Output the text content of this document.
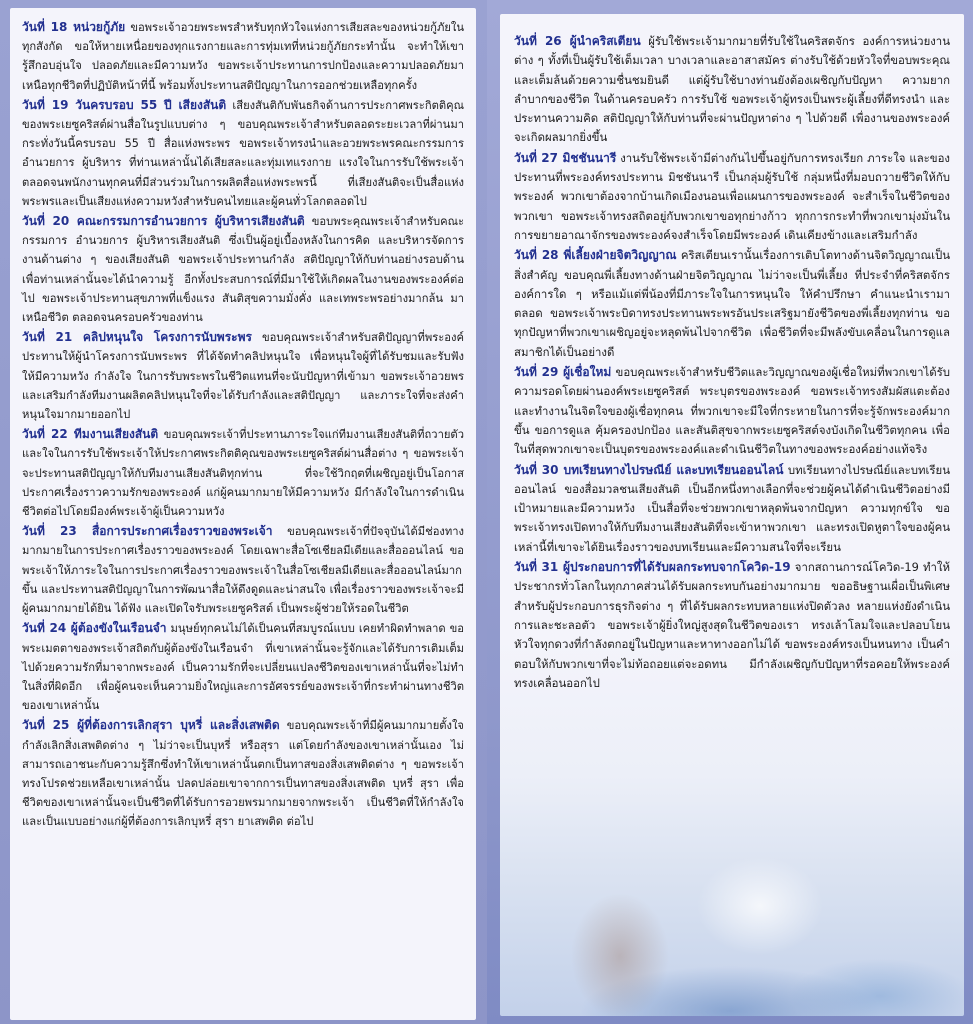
วันที่ 18 หน่วยกู้ภัย ขอพระเจ้าอวยพระพรสำหรับทุกหัวใจแห่งการเสียสละของหน่วยกู้ภัยในทุกสังกัด ขอให้หายเหนื่อยของทุกแรงกายและการทุ่มเทที่หน่วยกู้ภัยกระทำนั้น จะทำให้เขารู้สึกอบอุ่นใจ ปลอดภัยและมีความหวัง ขอพระเจ้าประทานการปกป้องและความปลอดภัยมาเหนือทุกชีวิตที่ปฏิบัติหน้าที่นี้ พร้อมทั้งประทานสติปัญญาในการออกช่วยเหลือทุกครั้ง

วันที่ 19 วันครบรอบ 55 ปี เสียงสันติ เสียงสันติกับพันธกิจด้านการประกาศพระกิตติคุณของพระเยซูคริสต์ผ่านสื่อในรูปแบบต่าง ๆ ขอบคุณพระเจ้าสำหรับตลอดระยะเวลาที่ผ่านมา กระทั่งวันนี้ครบรอบ 55 ปี สื่อแห่งพระพร ขอพระเจ้าทรงนำและอวยพระพรคณะกรรมการอำนวยการ ผู้บริหาร ที่ท่านเหล่านั้นได้เสียสละและทุ่มเทแรงกาย แรงใจในการรับใช้พระเจ้า ตลอดจนพนักงานทุกคนที่มีส่วนร่วมในการผลิตสื่อแห่งพระพรนี้ ที่เสียงสันติจะเป็นสื่อแห่งพระพรและเป็นเสียงแห่งความหวังสำหรับคนไทยและผู้คนทั่วโลกตลอดไป

วันที่ 20 คณะกรรมการอำนวยการ ผู้บริหารเสียงสันติ ขอบพระคุณพระเจ้าสำหรับคณะกรรมการ อำนวยการ ผู้บริหารเสียงสันติ ซึ่งเป็นผู้อยู่เบื้องหลังในการคิด และบริหารจัดการงานด้านต่าง ๆ ของเสียงสันติ ขอพระเจ้าประทานกำลัง สติปัญญาให้กับท่านอย่างรอบด้าน เพื่อท่านเหล่านั้นจะได้นำความรู้ อีกทั้งประสบการณ์ที่มีมาใช้ให้เกิดผลในงานของพระองค์ต่อไป ขอพระเจ้าประทานสุขภาพที่แข็งแรง สันติสุขความมั่งคั่ง และเทพระพรอย่างมากล้น มาเหนือชีวิต ตลอดจนครอบครัวของท่าน

วันที่ 21 คลิปหนุนใจ โครงการนับพระพร ขอบคุณพระเจ้าสำหรับสติปัญญาที่พระองค์ประทานให้ผู้นำโครงการนับพระพร ที่ได้จัดทำคลิปหนุนใจ เพื่อหนุนใจผู้ที่ได้รับชมและรับฟัง ให้มีความหวัง กำลังใจ ในการรับพระพรในชีวิตแทนที่จะนับปัญหาที่เข้ามา ขอพระเจ้าอวยพรและเสริมกำลังทีมงานผลิตคลิปหนุนใจที่จะได้รับกำลังและสติปัญญา และภาระใจที่จะส่งคำหนุนใจมากมายออกไป

วันที่ 22 ทีมงานเสียงสันติ ขอบคุณพระเจ้าที่ประทานภาระใจแก่ทีมงานเสียงสันติที่ถวายตัวและใจในการรับใช้พระเจ้าให้ประกาศพระกิตติคุณของพระเยซูคริสต์ผ่านสื่อต่าง ๆ ขอพระเจ้าจะประทานสติปัญญาให้กับทีมงานเสียงสันติทุกท่าน ที่จะใช้วิกฤตที่เผชิญอยู่เป็นโอกาส ประกาศเรื่องราวความรักของพระองค์ แก่ผู้คนมากมายให้มีความหวัง มีกำลังใจในการดำเนินชีวิตต่อไปโดยมีองค์พระเจ้าผู้เป็นความหวัง

วันที่ 23 สื่อการประกาศเรื่องราวของพระเจ้า ขอบคุณพระเจ้าที่ปัจจุบันได้มีช่องทางมากมายในการประกาศเรื่องราวของพระองค์ โดยเฉพาะสื่อโซเชียลมีเดียและสื่อออนไลน์ ขอพระเจ้าให้ภาระใจในการประกาศเรื่องราวของพระเจ้าในสื่อโซเชียลมีเดียและสื่อออนไลน์มากขึ้น และประทานสติปัญญาในการพัฒนาสื่อให้ดึงดูดและน่าสนใจ เพื่อเรื่องราวของพระเจ้าจะมีผู้คนมากมายได้ยิน ได้ฟัง และเปิดใจรับพระเยซูคริสต์ เป็นพระผู้ช่วยให้รอดในชีวิต

วันที่ 24 ผู้ต้องขังในเรือนจำ มนุษย์ทุกคนไม่ได้เป็นคนที่สมบูรณ์แบบ เคยทำผิดทำพลาด ขอพระเมตตาของพระเจ้าสถิตกับผู้ต้องขังในเรือนจำ ที่เขาเหล่านั้นจะรู้จักและได้รับการเติมเต็มไปด้วยความรักที่มาจากพระองค์ เป็นความรักที่จะเปลี่ยนแปลงชีวิตของเขาเหล่านั้นที่จะไม่ทำในสิ่งที่ผิดอีก เพื่อผู้คนจะเห็นความยิ่งใหญ่และการอัศจรรย์ของพระเจ้าที่กระทำผ่านทางชีวิตของเขาเหล่านั้น

วันที่ 25 ผู้ที่ต้องการเลิกสุรา บุหรี่ และสิ่งเสพติด ขอบคุณพระเจ้าที่มีผู้คนมากมายตั้งใจกำลังเลิกสิ่งเสพติดต่าง ๆ ไม่ว่าจะเป็นบุหรี่ หรือสุรา แต่โดยกำลังของเขาเหล่านั้นเอง ไม่สามารถเอาชนะกับความรู้สึกซึ่งทำให้เขาเหล่านั้นตกเป็นทาสของสิ่งเสพติดต่าง ๆ ขอพระเจ้าทรงโปรดช่วยเหลือเขาเหล่านั้น ปลดปล่อยเขาจากการเป็นทาสของสิ่งเสพติด บุหรี่ สุรา เพื่อชีวิตของเขาเหล่านั้นจะเป็นชีวิตที่ได้รับการอวยพรมากมายจากพระเจ้า เป็นชีวิตที่ให้กำลังใจและเป็นแบบอย่างแก่ผู้ที่ต้องการเลิกบุหรี่ สุรา ยาเสพติด ต่อไป

วันที่ 26 ผู้นำคริสเตียน ผู้รับใช้พระเจ้ามากมายที่รับใช้ในคริสตจักร องค์การหน่วยงานต่าง ๆ ทั้งที่เป็นผู้รับใช้เต็มเวลา บางเวลาและอาสาสมัคร ต่างรับใช้ด้วยหัวใจที่ขอบพระคุณและเต็มล้นด้วยความชื่นชมยินดี แต่ผู้รับใช้บางท่านยังต้องเผชิญกับปัญหา ความยากลำบากของชีวิต ในด้านครอบครัว การรับใช้ ขอพระเจ้าผู้ทรงเป็นพระผู้เลี้ยงที่ดีทรงนำ และประทานความคิด สติปัญญาให้กับท่านที่จะผ่านปัญหาต่าง ๆ ไปด้วยดี เพื่องานของพระองค์จะเกิดผลมากยิ่งขึ้น

วันที่ 27 มิชชันนารี งานรับใช้พระเจ้ามีต่างกันไปขึ้นอยู่กับการทรงเรียก ภาระใจ และของประทานที่พระองค์ทรงประทาน มิชชันนารี เป็นกลุ่มผู้รับใช้ กลุ่มหนึ่งที่มอบถวายชีวิตให้กับพระองค์ พวกเขาต้องจากบ้านเกิดเมืองนอนเพื่อแผนการของพระองค์ จะสำเร็จในชีวิตของพวกเขา ขอพระเจ้าทรงสถิตอยู่กับพวกเขาขอทุกย่างก้าว ทุกการกระทำที่พวกเขามุ่งมั่นในการขยายอาณาจักรของพระองค์จงสำเร็จโดยมีพระองค์ เดินเคียงข้างและเสริมกำลัง

วันที่ 28 พี่เลี้ยงฝ่ายจิตวิญญาณ คริสเตียนเรานั้นเรื่องการเติบโตทางด้านจิตวิญญาณเป็นสิ่งสำคัญ ขอบคุณพี่เลี้ยงทางด้านฝ่ายจิตวิญญาณ ไม่ว่าจะเป็นพี่เลี้ยง ที่ประจำที่คริสตจักร องค์การใด ๆ หรือแม้แต่พี่น้องที่มีภาระใจในการหนุนใจ ให้คำปรึกษา คำแนะนำเรามาตลอด ขอพระเจ้าพระบิดาทรงประทานพระพรอันประเสริฐมายังชีวิตของพี่เลี้ยงทุกท่าน ขอทุกปัญหาที่พวกเขาเผชิญอยู่จะหลุดพ้นไปจากชีวิต เพื่อชีวิตที่จะมีพลังขับเคลื่อนในการดูแลสมาชิกได้เป็นอย่างดี

วันที่ 29 ผู้เชื่อใหม่ ขอบคุณพระเจ้าสำหรับชีวิตและวิญญาณของผู้เชื่อใหม่ที่พวกเขาได้รับความรอดโดยผ่านองค์พระเยซูคริสต์ พระบุตรของพระองค์ ขอพระเจ้าทรงสัมผัสแตะต้องและทำงานในจิตใจของผู้เชื่อทุกคน ที่พวกเขาจะมีใจที่กระหายในการที่จะรู้จักพระองค์มากขึ้น ขอการดูแล คุ้มครองปกป้อง และสันติสุขจากพระเยซูคริสต์จงบังเกิดในชีวิตทุกคน เพื่อในที่สุดพวกเขาจะเป็นบุตรของพระองค์และดำเนินชีวิตในทางของพระองค์อย่างแท้จริง

วันที่ 30 บทเรียนทางไปรษณีย์ และบทเรียนออนไลน์ บทเรียนทางไปรษณีย์และบทเรียนออนไลน์ ของสื่อมวลชนเสียงสันติ เป็นอีกหนึ่งทางเลือกที่จะช่วยผู้คนได้ดำเนินชีวิตอย่างมีเป้าหมายและมีความหวัง เป็นสื่อที่จะช่วยพวกเขาหลุดพ้นจากปัญหา ความทุกข์ใจ ขอพระเจ้าทรงเปิดทางให้กับทีมงานเสียงสันติที่จะเข้าหาพวกเขา และทรงเปิดหูตาใจของผู้คนเหล่านี้ที่เขาจะได้ยินเรื่องราวของบทเรียนและมีความสนใจที่จะเรียน

วันที่ 31 ผู้ประกอบการที่ได้รับผลกระทบจากโควิด-19 จากสถานการณ์โควิด-19 ทำให้ประชากรทั่วโลกในทุกภาคส่วนได้รับผลกระทบกันอย่างมากมาย ขออธิษฐานเผื่อเป็นพิเศษสำหรับผู้ประกอบการธุรกิจต่าง ๆ ที่ได้รับผลกระทบหลายแห่งปิดตัวลง หลายแห่งยังดำเนินการและชะลอตัว ขอพระเจ้าผู้ยิ่งใหญ่สูงสุดในชีวิตของเรา ทรงเล้าโลมใจและปลอบโยนหัวใจทุกดวงที่กำลังตกอยู่ในปัญหาและหาทางออกไม่ได้ ขอพระองค์ทรงเป็นหนทาง เป็นคำตอบให้กับพวกเขาที่จะไม่ท้อถอยแต่จะอดทน มีกำลังเผชิญกับปัญหาที่รอคอยให้พระองค์ทรงเคลื่อนออกไป
